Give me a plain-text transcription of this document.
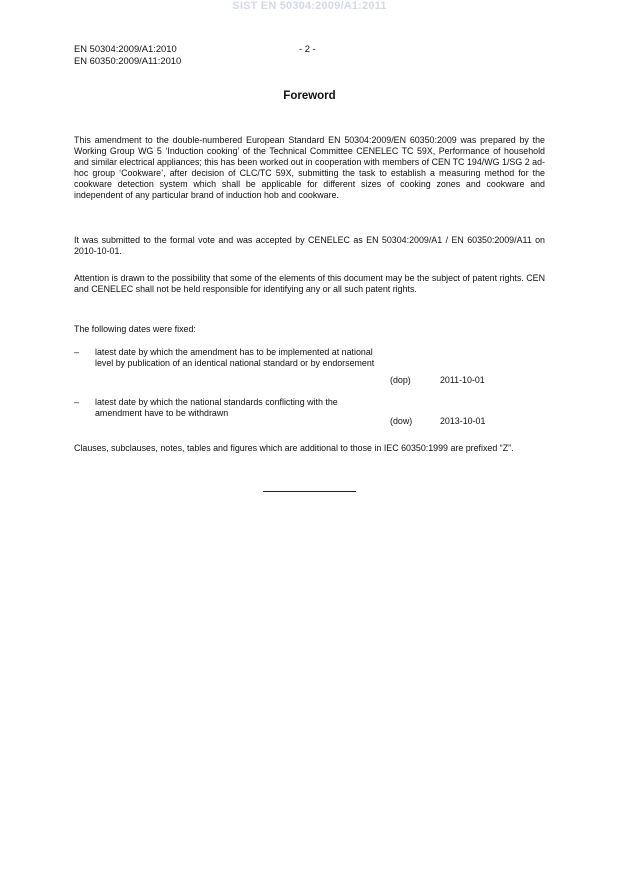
SIST EN 50304:2009/A1:2011
EN 50304:2009/A1:2010
EN 60350:2009/A11:2010
- 2 -
Foreword

This amendment to the double-numbered European Standard EN 50304:2009/EN 60350:2009 was prepared by the Working Group WG 5 ‘Induction cooking’ of the Technical Committee CENELEC TC 59X, Performance of household and similar electrical appliances; this has been worked out in cooperation with members of CEN TC 194/WG 1/SG 2 ad-hoc group ‘Cookware’, after decision of CLC/TC 59X, submitting the task to establish a measuring method for the cookware detection system which shall be applicable for different sizes of cooking zones and cookware and independent of any particular brand of induction hob and cookware.

It was submitted to the formal vote and was accepted by CENELEC as EN 50304:2009/A1 / EN 60350:2009/A11 on 2010-10-01.

Attention is drawn to the possibility that some of the elements of this document may be the subject of patent rights. CEN and CENELEC shall not be held responsible for identifying any or all such patent rights.

The following dates were fixed:

– latest date by which the amendment has to be implemented at national level by publication of an identical national standard or by endorsement
(dop)	2011-10-01
– latest date by which the national standards conflicting with the amendment have to be withdrawn
(dow)	2013-10-01

Clauses, subclauses, notes, tables and figures which are additional to those in IEC 60350:1999 are prefixed “Z”.
